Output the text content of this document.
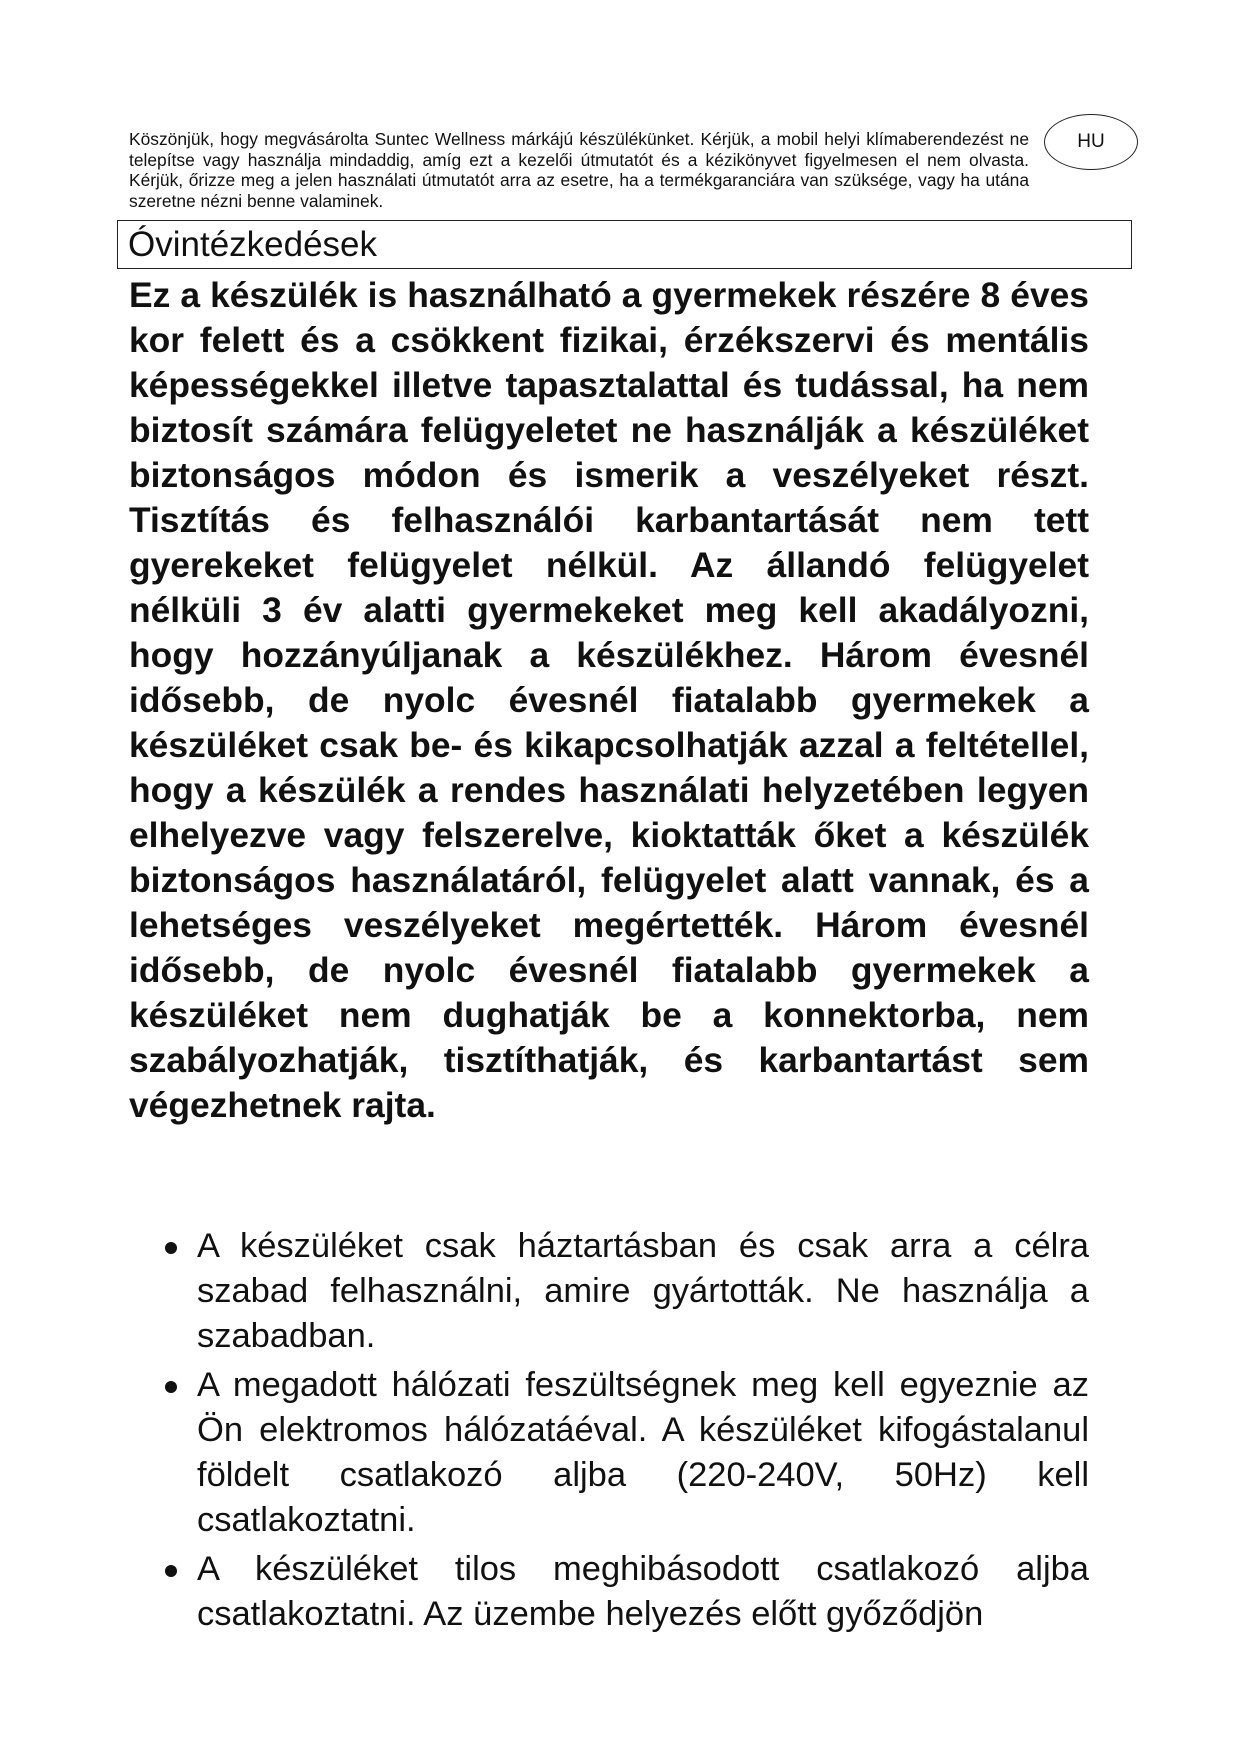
Köszönjük, hogy megvásárolta Suntec Wellness márkájú készülékünket. Kérjük, a mobil helyi klímaberendezést ne telepítse vagy használja mindaddig, amíg ezt a kezelői útmutatót és a kézikönyvet figyelmesen el nem olvasta. Kérjük, őrizze meg a jelen használati útmutatót arra az esetre, ha a termékgaranciára van szüksége, vagy ha utána szeretne nézni benne valaminek.

HU
Óvintézkedések

Ez a készülék is használható a gyermekek részére 8 éves kor felett és a csökkent fizikai, érzékszervi és mentális képességekkel illetve tapasztalattal és tudással, ha nem biztosít számára felügyeletet ne használják a készüléket biztonságos módon és ismerik a veszélyeket részt. Tisztítás és felhasználói karbantartását nem tett gyerekeket felügyelet nélkül. Az állandó felügyelet nélküli 3 év alatti gyermekeket meg kell akadályozni, hogy hozzányúljanak a készülékhez. Három évesnél idősebb, de nyolc évesnél fiatalabb gyermekek a készüléket csak be- és kikapcsolhatják azzal a feltétellel, hogy a készülék a rendes használati helyzetében legyen elhelyezve vagy felszerelve, kioktatták őket a készülék biztonságos használatáról, felügyelet alatt vannak, és a lehetséges veszélyeket megértették. Három évesnél idősebb, de nyolc évesnél fiatalabb gyermekek a készüléket nem dughatják be a konnektorba, nem szabályozhatják, tisztíthatják, és karbantartást sem végezhetnek rajta.

A készüléket csak háztartásban és csak arra a célra szabad felhasználni, amire gyártották. Ne használja a szabadban.
A megadott hálózati feszültségnek meg kell egyeznie az Ön elektromos hálózatáéval. A készüléket kifogástalanul földelt csatlakozó aljba (220-240V, 50Hz) kell csatlakoztatni.
A készüléket tilos meghibásodott csatlakozó aljba csatlakoztatni. Az üzembe helyezés előtt győződjön
